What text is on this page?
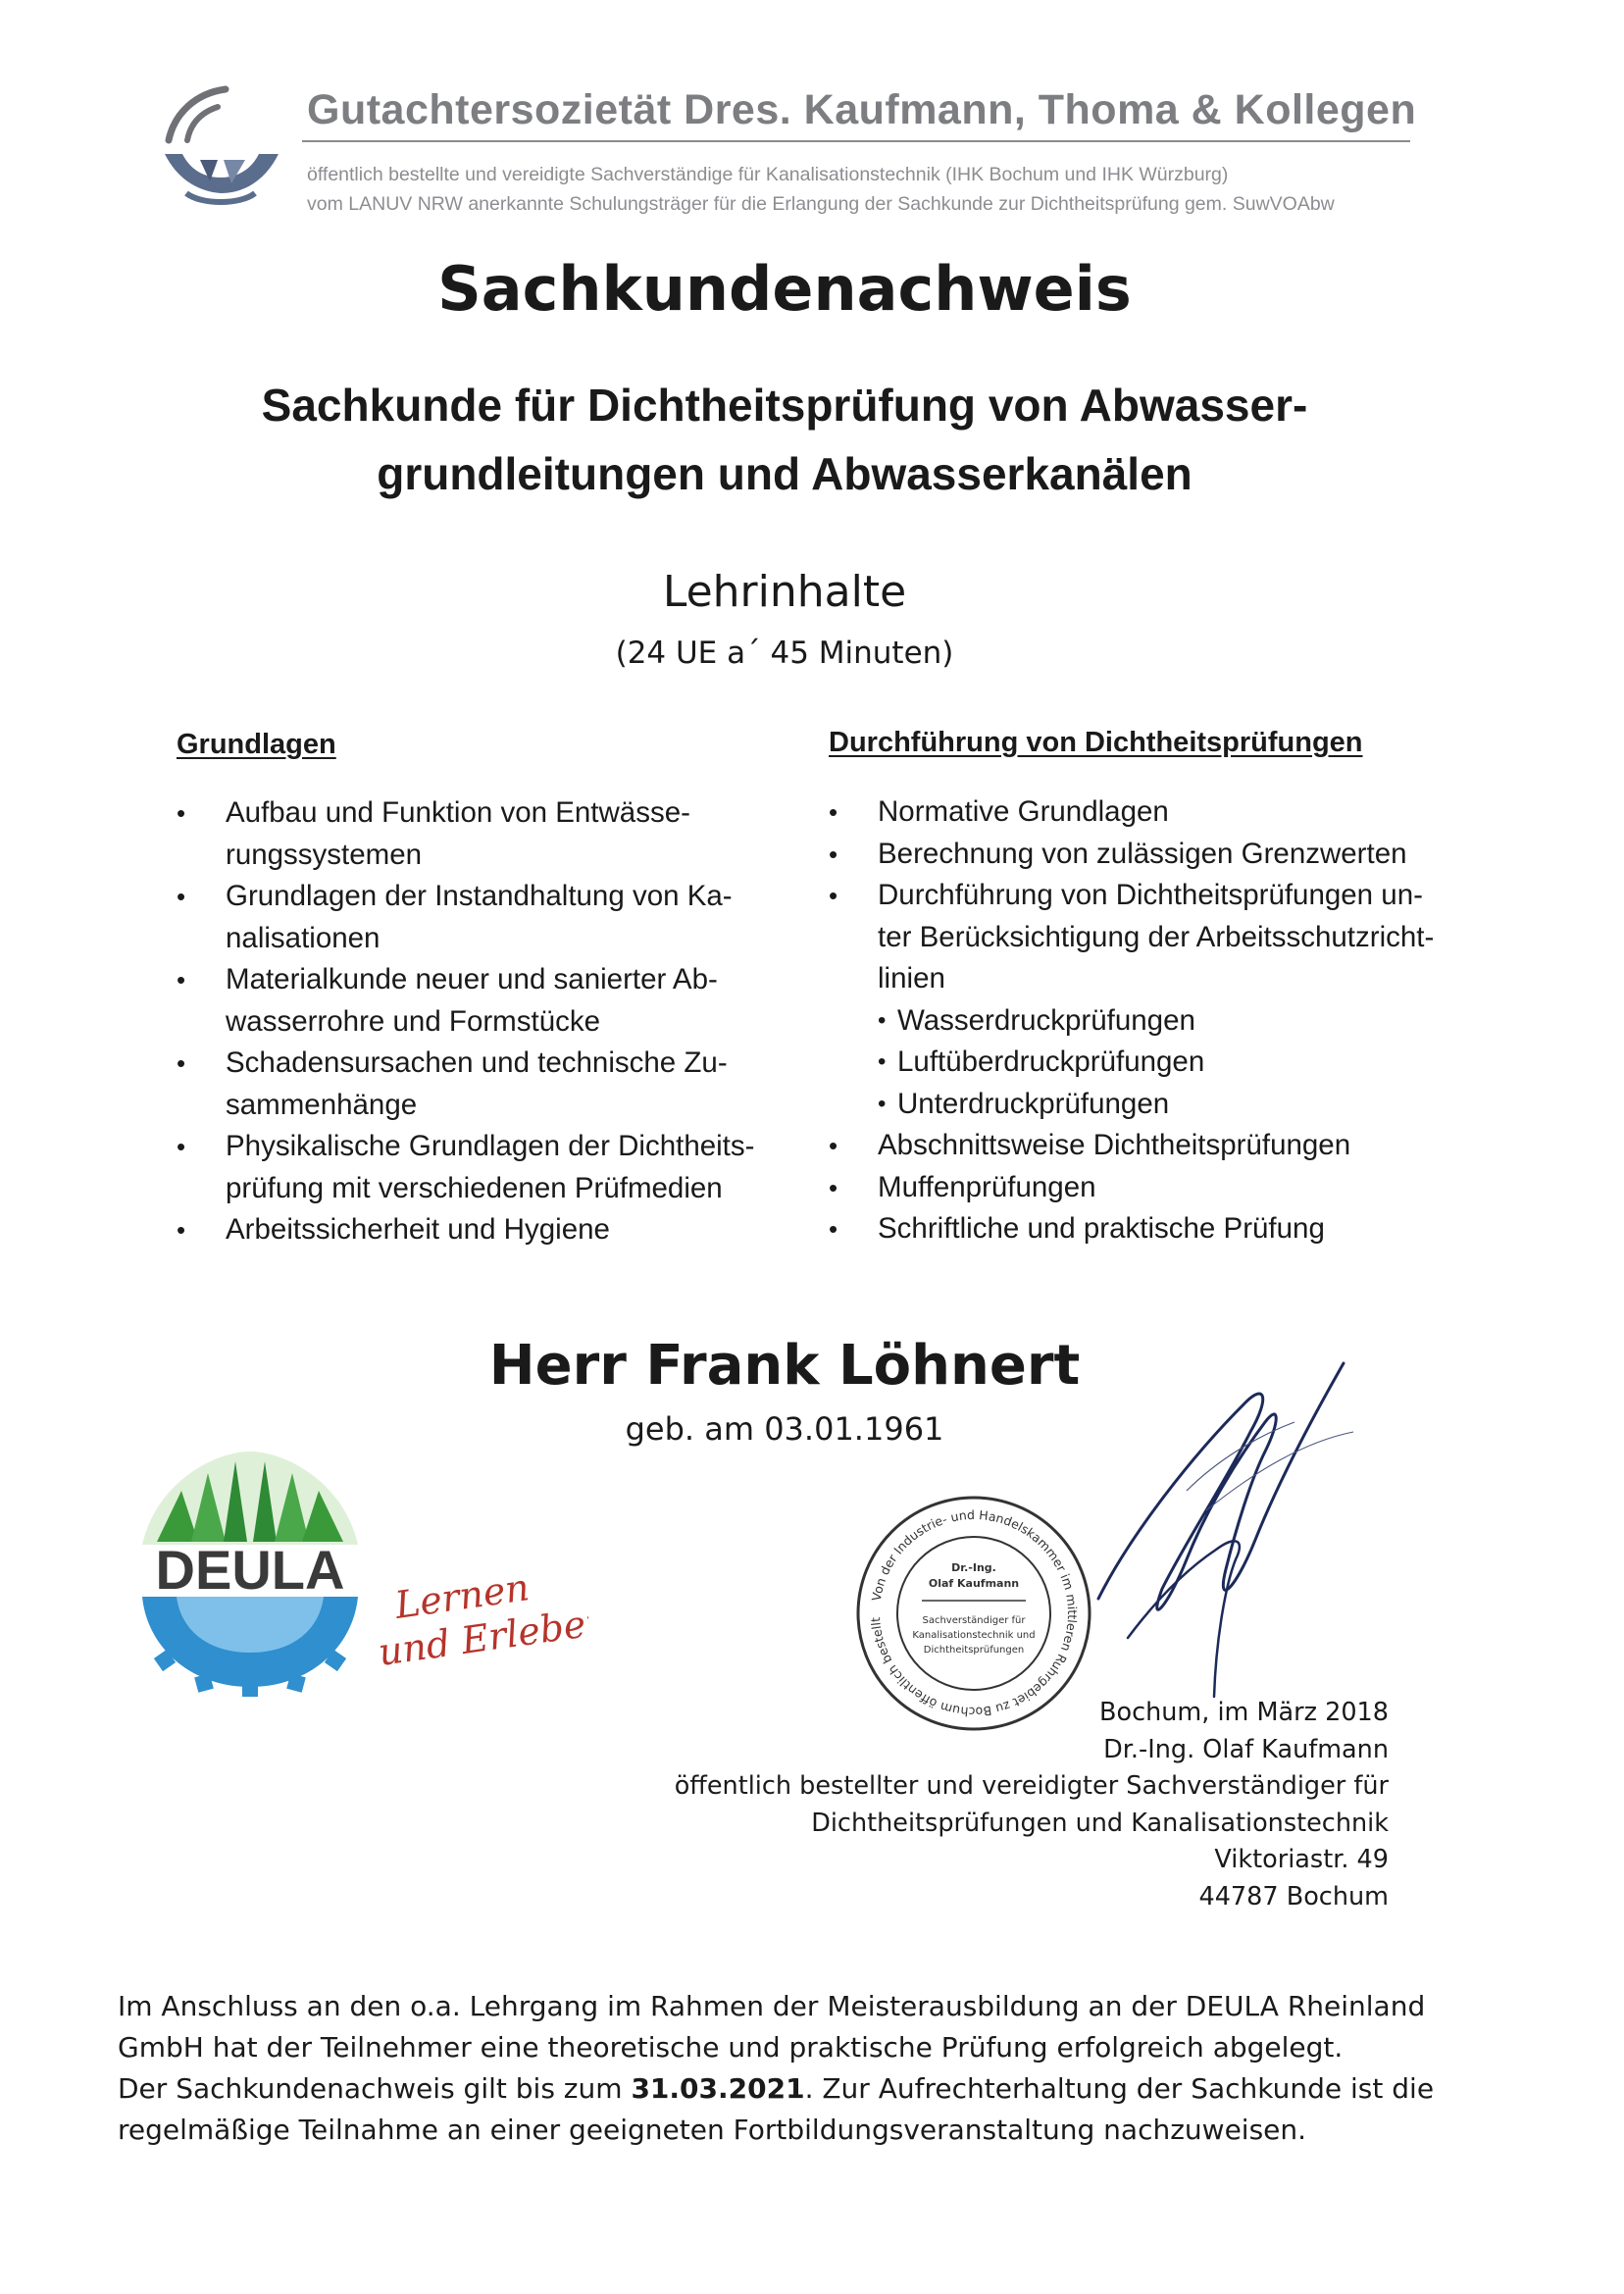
Gutachtersozietät Dres. Kaufmann, Thoma & Kollegen
öffentlich bestellte und vereidigte Sachverständige für Kanalisationstechnik (IHK Bochum und IHK Würzburg)
vom LANUV NRW anerkannte Schulungsträger für die Erlangung der Sachkunde zur Dichtheitsprüfung gem. SuwVOAbw
Sachkundenachweis
Sachkunde für Dichtheitsprüfung von Abwasser-
grundleitungen und Abwasserkanälen
Lehrinhalte
(24 UE a´ 45 Minuten)
Grundlagen
• Aufbau und Funktion von Entwässe-
rungssystemen
• Grundlagen der Instandhaltung von Ka-
nalisationen
• Materialkunde neuer und sanierter Ab-
wasserrohre und Formstücke
• Schadensursachen und technische Zu-
sammenhänge
• Physikalische Grundlagen der Dichtheits-
prüfung mit verschiedenen Prüfmedien
• Arbeitssicherheit und Hygiene
Durchführung von Dichtheitsprüfungen
• Normative Grundlagen
• Berechnung von zulässigen Grenzwerten
• Durchführung von Dichtheitsprüfungen un-
ter Berücksichtigung der Arbeitsschutzricht-
linien
• Wasserdruckprüfungen
• Luftüberdruckprüfungen
• Unterdruckprüfungen
• Abschnittsweise Dichtheitsprüfungen
• Muffenprüfungen
• Schriftliche und praktische Prüfung
Herr Frank Löhnert
geb. am 03.01.1961
DEULA Lernen
und Erleben
Von der Industrie- und Handelskammer im mittleren Ruhrgebiet zu Bochum öffentlich bestellt
Dr.-Ing.
Olaf Kaufmann
Sachverständiger für
Kanalisationstechnik und
Dichtheitsprüfungen
Bochum, im März 2018
Dr.-Ing. Olaf Kaufmann
öffentlich bestellter und vereidigter Sachverständiger für
Dichtheitsprüfungen und Kanalisationstechnik
Viktoriastr. 49
44787 Bochum

Im Anschluss an den o.a. Lehrgang im Rahmen der Meisterausbildung an der DEULA Rheinland GmbH hat der Teilnehmer eine theoretische und praktische Prüfung erfolgreich abgelegt.

Der Sachkundenachweis gilt bis zum 31.03.2021. Zur Aufrechterhaltung der Sachkunde ist die regelmäßige Teilnahme an einer geeigneten Fortbildungsveranstaltung nachzuweisen.
